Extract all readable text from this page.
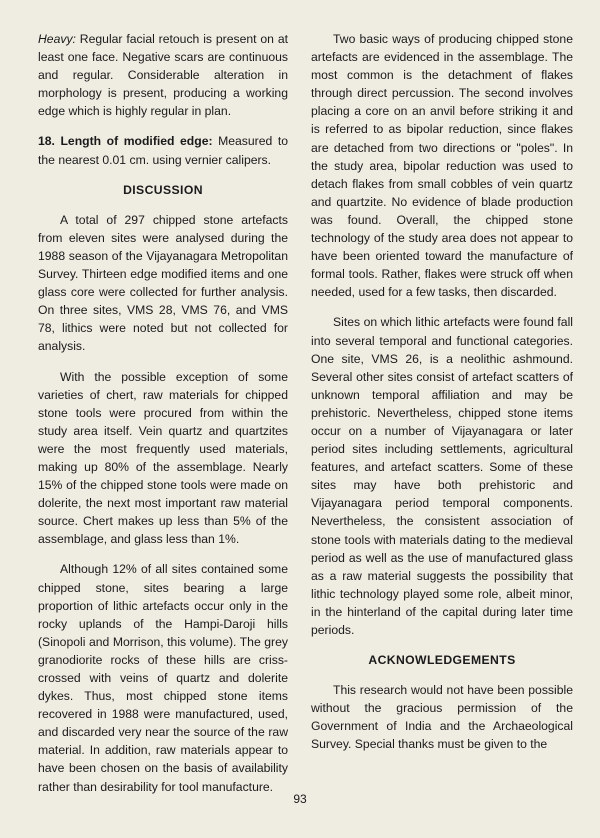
Heavy: Regular facial retouch is present on at least one face. Negative scars are continuous and regular. Considerable alteration in morphology is present, producing a working edge which is highly regular in plan.

18. Length of modified edge: Measured to the nearest 0.01 cm. using vernier calipers.

DISCUSSION

A total of 297 chipped stone artefacts from eleven sites were analysed during the 1988 season of the Vijayanagara Metropolitan Survey. Thirteen edge modified items and one glass core were collected for further analysis. On three sites, VMS 28, VMS 76, and VMS 78, lithics were noted but not collected for analysis.

With the possible exception of some varieties of chert, raw materials for chipped stone tools were procured from within the study area itself. Vein quartz and quartzites were the most frequently used materials, making up 80% of the assemblage. Nearly 15% of the chipped stone tools were made on dolerite, the next most important raw material source. Chert makes up less than 5% of the assemblage, and glass less than 1%.

Although 12% of all sites contained some chipped stone, sites bearing a large proportion of lithic artefacts occur only in the rocky uplands of the Hampi-Daroji hills (Sinopoli and Morrison, this volume). The grey granodiorite rocks of these hills are criss-crossed with veins of quartz and dolerite dykes. Thus, most chipped stone items recovered in 1988 were manufactured, used, and discarded very near the source of the raw material. In addition, raw materials appear to have been chosen on the basis of availability rather than desirability for tool manufacture.

Two basic ways of producing chipped stone artefacts are evidenced in the assemblage. The most common is the detachment of flakes through direct percussion. The second involves placing a core on an anvil before striking it and is referred to as bipolar reduction, since flakes are detached from two directions or "poles". In the study area, bipolar reduction was used to detach flakes from small cobbles of vein quartz and quartzite. No evidence of blade production was found. Overall, the chipped stone technology of the study area does not appear to have been oriented toward the manufacture of formal tools. Rather, flakes were struck off when needed, used for a few tasks, then discarded.

Sites on which lithic artefacts were found fall into several temporal and functional categories. One site, VMS 26, is a neolithic ashmound. Several other sites consist of artefact scatters of unknown temporal affiliation and may be prehistoric. Nevertheless, chipped stone items occur on a number of Vijayanagara or later period sites including settlements, agricultural features, and artefact scatters. Some of these sites may have both prehistoric and Vijayanagara period temporal components. Nevertheless, the consistent association of stone tools with materials dating to the medieval period as well as the use of manufactured glass as a raw material suggests the possibility that lithic technology played some role, albeit minor, in the hinterland of the capital during later time periods.

ACKNOWLEDGEMENTS

This research would not have been possible without the gracious permission of the Government of India and the Archaeological Survey. Special thanks must be given to the

93
